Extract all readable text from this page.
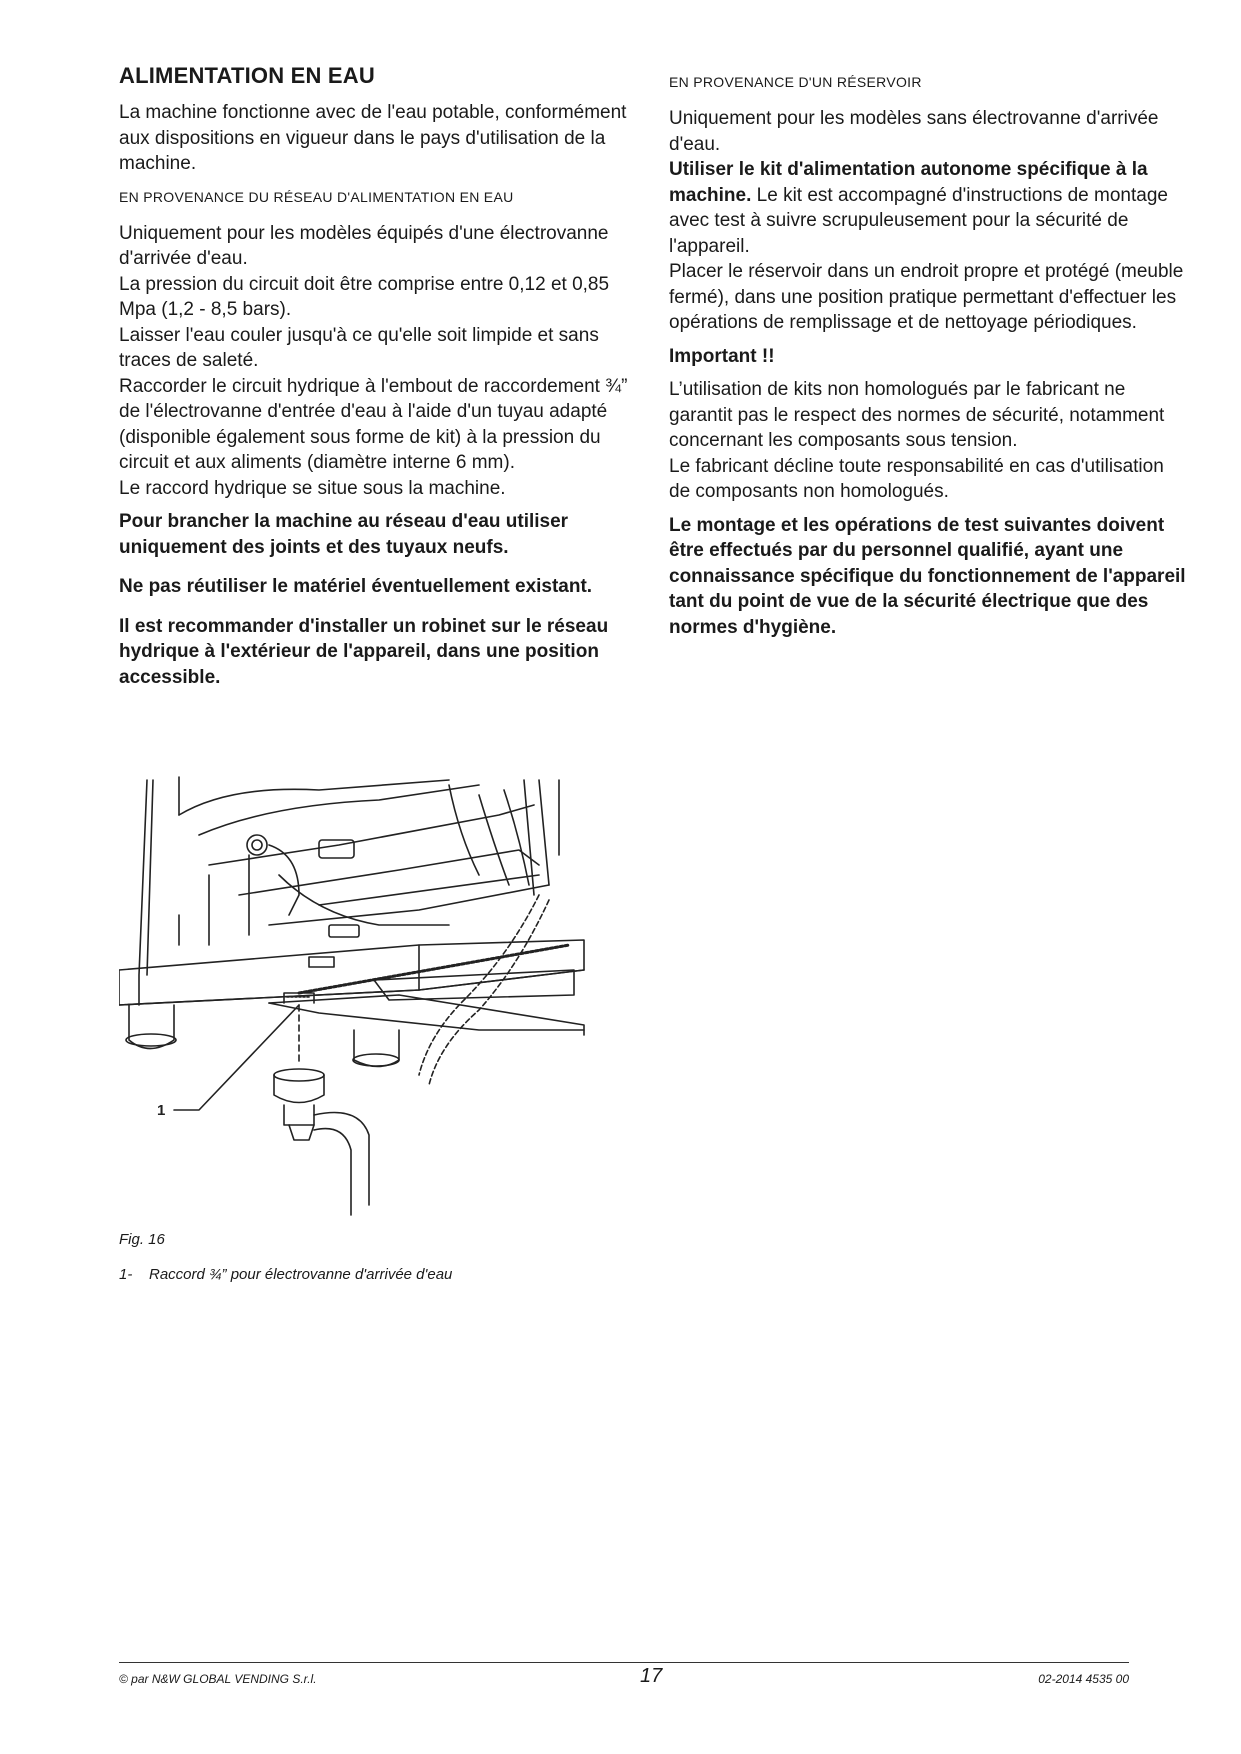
ALIMENTATION EN EAU

La machine fonctionne avec de l'eau potable, conformément aux dispositions en vigueur dans le pays d'utilisation de la machine.

EN PROVENANCE DU RÉSEAU D'ALIMENTATION EN EAU

Uniquement pour les modèles équipés d'une électrovanne d'arrivée d'eau.

La pression du circuit doit être comprise entre 0,12 et 0,85 Mpa (1,2 - 8,5 bars).

Laisser l'eau couler jusqu'à ce qu'elle soit limpide et sans traces de saleté.

Raccorder le circuit hydrique à l'embout de raccordement ¾” de l'électrovanne d'entrée d'eau à l'aide d'un tuyau adapté (disponible également sous forme de kit) à la pression du circuit et aux aliments (diamètre interne 6 mm).

Le raccord hydrique se situe sous la machine.

Pour brancher la machine au réseau d'eau utiliser uniquement des joints et des tuyaux neufs.

Ne pas réutiliser le matériel éventuellement existant.

Il est recommander d'installer un robinet sur le réseau hydrique à l'extérieur de l'appareil, dans une position accessible.

EN PROVENANCE D'UN RÉSERVOIR

Uniquement pour les modèles sans électrovanne d'arrivée d'eau.

Utiliser le kit d'alimentation autonome spécifique à la machine. Le kit est accompagné d'instructions de montage avec test à suivre scrupuleusement pour la sécurité de l'appareil.

Placer le réservoir dans un endroit propre et protégé (meuble fermé), dans une position pratique permettant d'effectuer les opérations de remplissage et de nettoyage périodiques.

Important !!

L’utilisation de kits non homologués par le fabricant ne garantit pas le respect des normes de sécurité, notamment concernant les composants sous tension.

Le fabricant décline toute responsabilité en cas d'utilisation de composants non homologués.

Le montage et les opérations de test suivantes doivent être effectués par du personnel qualifié, ayant une connaissance spécifique du fonctionnement de l'appareil tant du point de vue de la sécurité électrique que des normes d'hygiène.

1
Fig. 16
1- Raccord ¾” pour électrovanne d'arrivée d'eau
© par N&W GLOBAL VENDING S.r.l.	17	02-2014 4535 00
